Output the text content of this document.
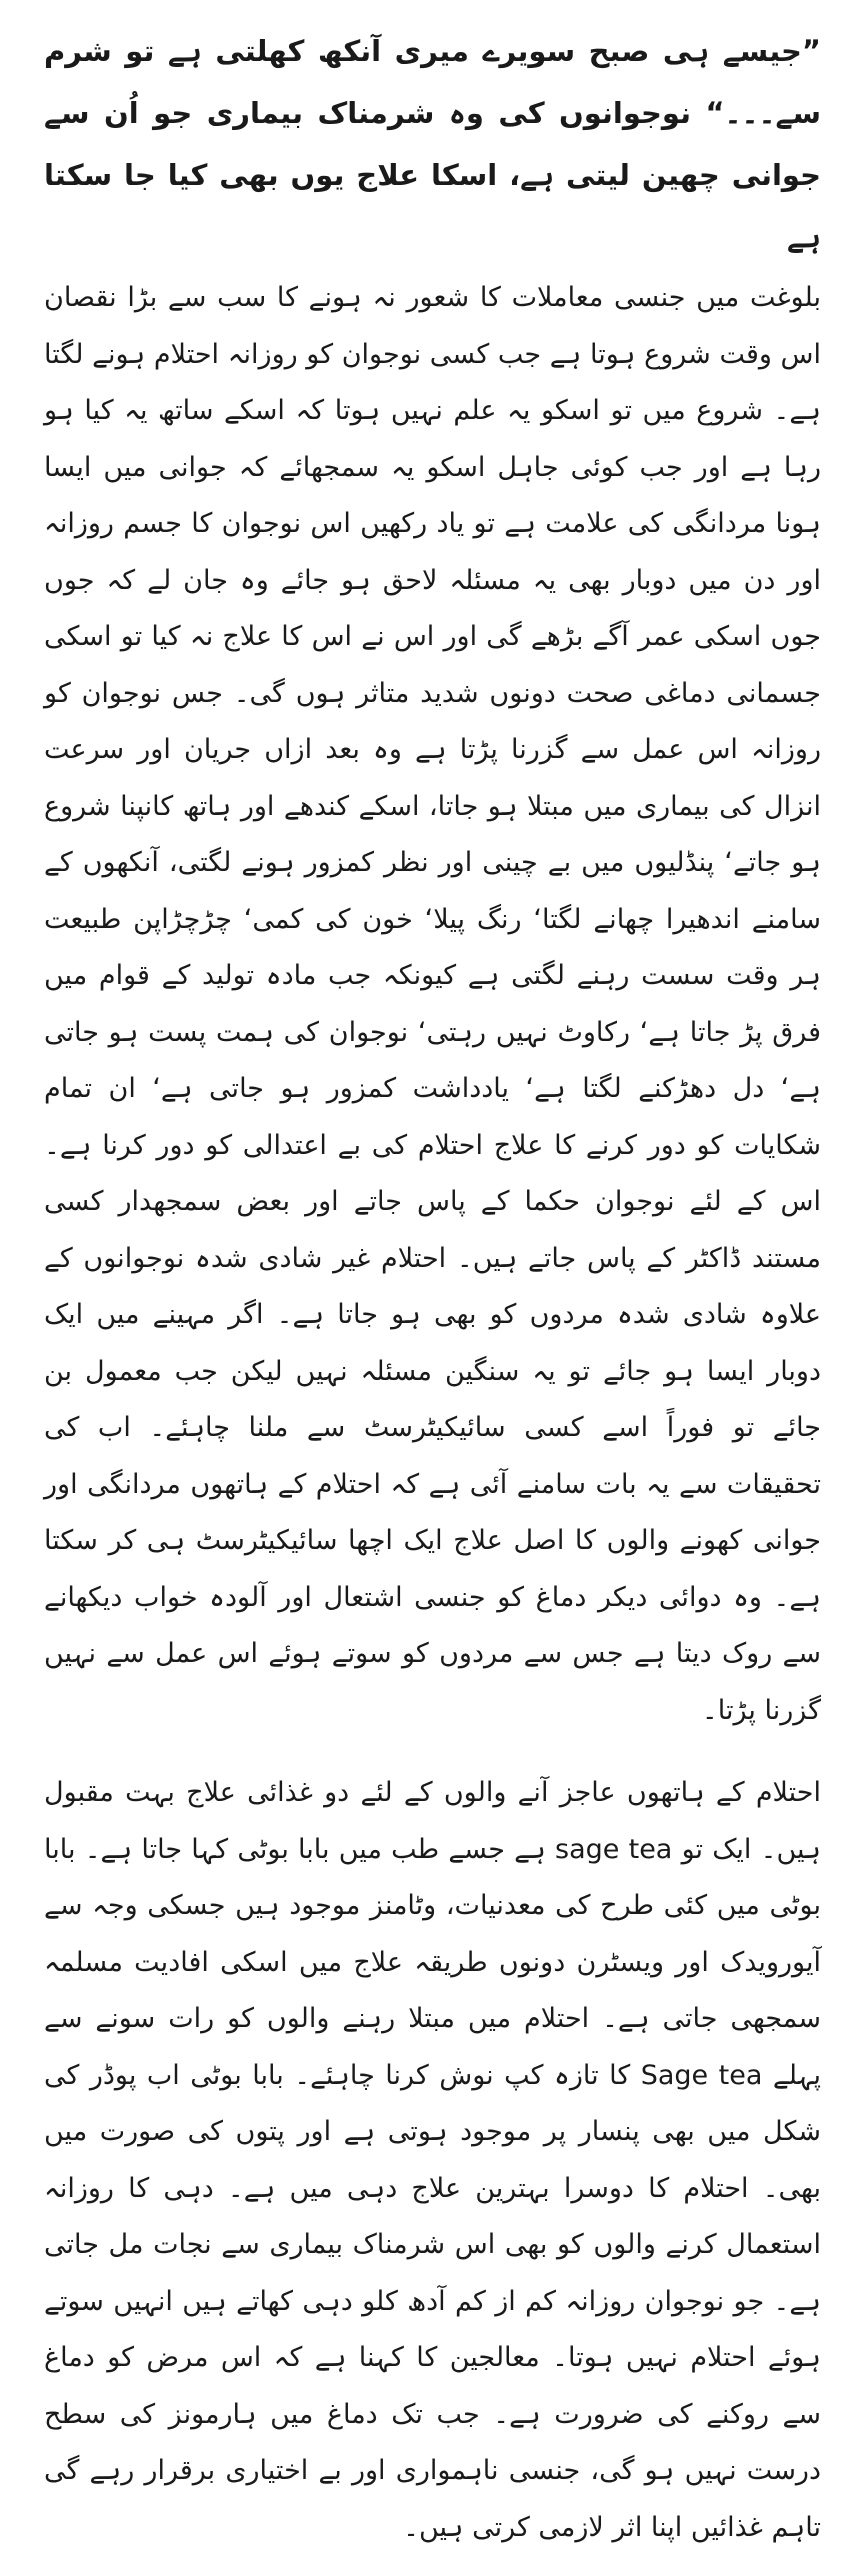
”جیسے ہی صبح سویرے میری آنکھ کھلتی ہے تو شرم سے۔۔۔“ نوجوانوں کی وہ شرمناک بیماری جو اُن سے جوانی چھین لیتی ہے، اسکا علاج یوں بھی کیا جا سکتا ہے

بلوغت میں جنسی معاملات کا شعور نہ ہونے کا سب سے بڑا نقصان اس وقت شروع ہوتا ہے جب کسی نوجوان کو روزانہ احتلام ہونے لگتا ہے۔ شروع میں تو اسکو یہ علم نہیں ہوتا کہ اسکے ساتھ یہ کیا ہو رہا ہے اور جب کوئی جاہل اسکو یہ سمجھائے کہ جوانی میں ایسا ہونا مردانگی کی علامت ہے تو یاد رکھیں اس نوجوان کا جسم روزانہ اور دن میں دوبار بھی یہ مسئلہ لاحق ہو جائے وہ جان لے کہ جوں جوں اسکی عمر آگے بڑھے گی اور اس نے اس کا علاج نہ کیا تو اسکی جسمانی دماغی صحت دونوں شدید متاثر ہوں گی۔ جس نوجوان کو روزانہ اس عمل سے گزرنا پڑتا ہے وہ بعد ازاں جریان اور سرعت انزال کی بیماری میں مبتلا ہو جاتا، اسکے کندھے اور ہاتھ کانپنا شروع ہو جاتے‘ پنڈلیوں میں بے چینی اور نظر کمزور ہونے لگتی، آنکھوں کے سامنے اندھیرا چھانے لگتا‘ رنگ پیلا‘ خون کی کمی‘ چڑچڑاپن طبیعت ہر وقت سست رہنے لگتی ہے کیونکہ جب مادہ تولید کے قوام میں فرق پڑ جاتا ہے‘ رکاوٹ نہیں رہتی‘ نوجوان کی ہمت پست ہو جاتی ہے‘ دل دھڑکنے لگتا ہے‘ یادداشت کمزور ہو جاتی ہے‘ ان تمام شکایات کو دور کرنے کا علاج احتلام کی بے اعتدالی کو دور کرنا ہے۔ اس کے لئے نوجوان حکما کے پاس جاتے اور بعض سمجھدار کسی مستند ڈاکٹر کے پاس جاتے ہیں۔ احتلام غیر شادی شدہ نوجوانوں کے علاوہ شادی شدہ مردوں کو بھی ہو جاتا ہے۔ اگر مہینے میں ایک دوبار ایسا ہو جائے تو یہ سنگین مسئلہ نہیں لیکن جب معمول بن جائے تو فوراً اسے کسی سائیکیٹرسٹ سے ملنا چاہئے۔ اب کی تحقیقات سے یہ بات سامنے آئی ہے کہ احتلام کے ہاتھوں مردانگی اور جوانی کھونے والوں کا اصل علاج ایک اچھا سائیکیٹرسٹ ہی کر سکتا ہے۔ وہ دوائی دیکر دماغ کو جنسی اشتعال اور آلودہ خواب دیکھانے سے روک دیتا ہے جس سے مردوں کو سوتے ہوئے اس عمل سے نہیں گزرنا پڑتا۔

احتلام کے ہاتھوں عاجز آنے والوں کے لئے دو غذائی علاج بہت مقبول ہیں۔ ایک تو sage tea ہے جسے طب میں بابا بوٹی کہا جاتا ہے۔ بابا بوٹی میں کئی طرح کی معدنیات، وٹامنز موجود ہیں جسکی وجہ سے آیورویدک اور ویسٹرن دونوں طریقہ علاج میں اسکی افادیت مسلمہ سمجھی جاتی ہے۔ احتلام میں مبتلا رہنے والوں کو رات سونے سے پہلے Sage tea کا تازہ کپ نوش کرنا چاہئے۔ بابا بوٹی اب پوڈر کی شکل میں بھی پنسار پر موجود ہوتی ہے اور پتوں کی صورت میں بھی۔ احتلام کا دوسرا بہترین علاج دہی میں ہے۔ دہی کا روزانہ استعمال کرنے والوں کو بھی اس شرمناک بیماری سے نجات مل جاتی ہے۔ جو نوجوان روزانہ کم از کم آدھ کلو دہی کھاتے ہیں انہیں سوتے ہوئے احتلام نہیں ہوتا۔ معالجین کا کہنا ہے کہ اس مرض کو دماغ سے روکنے کی ضرورت ہے۔ جب تک دماغ میں ہارمونز کی سطح درست نہیں ہو گی، جنسی ناہمواری اور بے اختیاری برقرار رہے گی تاہم غذائیں اپنا اثر لازمی کرتی ہیں۔
